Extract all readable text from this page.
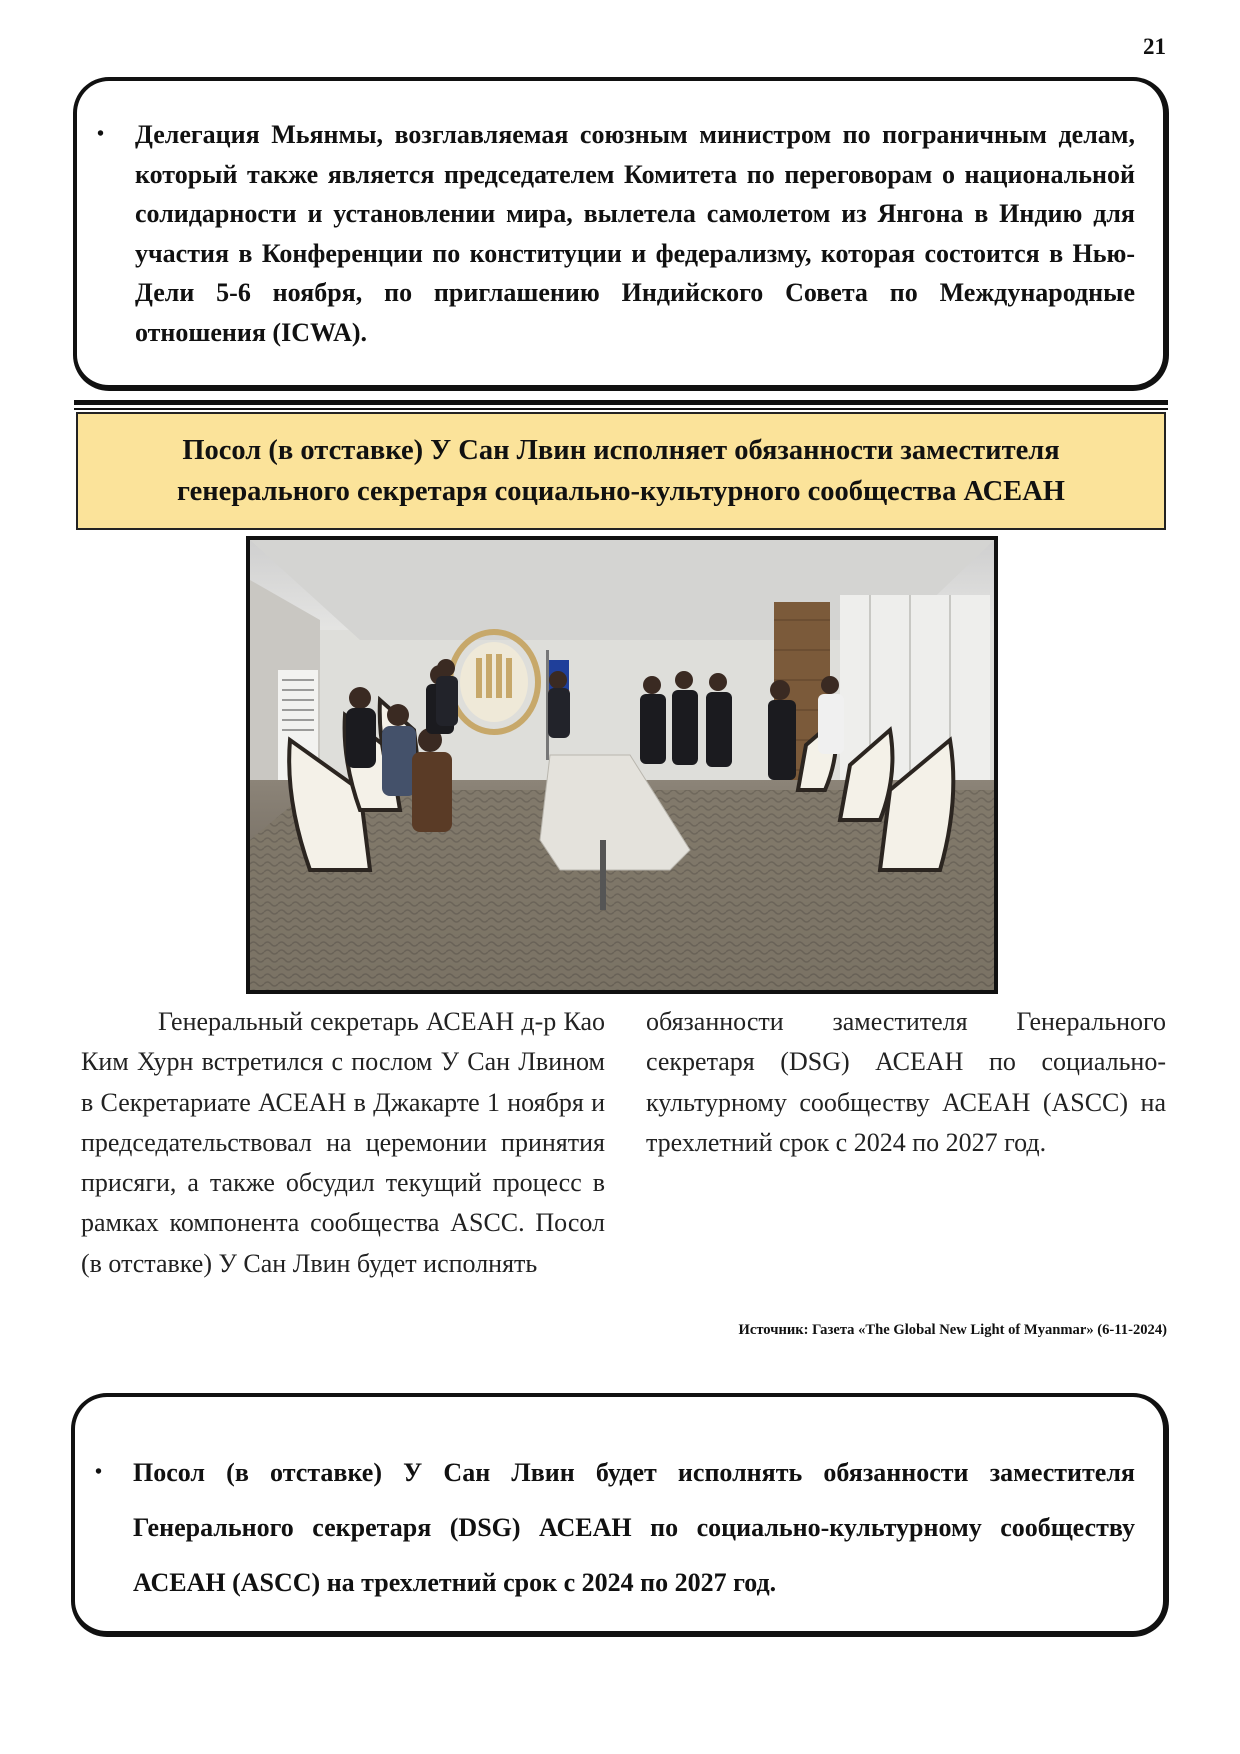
21
• Делегация Мьянмы, возглавляемая союзным министром по пограничным делам, который также является председателем Комитета по переговорам о национальной солидарности и установлении мира, вылетела самолетом из Янгона в Индию для участия в Конференции по конституции и федерализму, которая состоится в Нью-Дели 5-6 ноября, по приглашению Индийского Совета по Международные отношения (ICWA).
Посол (в отставке) У Сан Лвин исполняет обязанности заместителя генерального секретаря социально-культурного сообщества АСЕАН
Генеральный секретарь АСЕАН д-р Као Ким Хурн встретился с послом У Сан Лвином в Секретариате АСЕАН в Джакарте 1 ноября и председательствовал на церемонии принятия присяги, а также обсудил текущий процесс в рамках компонента сообщества ASCC. Посол (в отставке) У Сан Лвин будет исполнять
обязанности заместителя Генерального секретаря (DSG) АСЕАН по социально-культурному сообществу АСЕАН (ASCC) на трехлетний срок с 2024 по 2027 год.
Источник: Газета «The Global New Light of Myanmar» (6-11-2024)
• Посол (в отставке) У Сан Лвин будет исполнять обязанности заместителя Генерального секретаря (DSG) АСЕАН по социально-культурному сообществу АСЕАН (ASCC) на трехлетний срок с 2024 по 2027 год.
